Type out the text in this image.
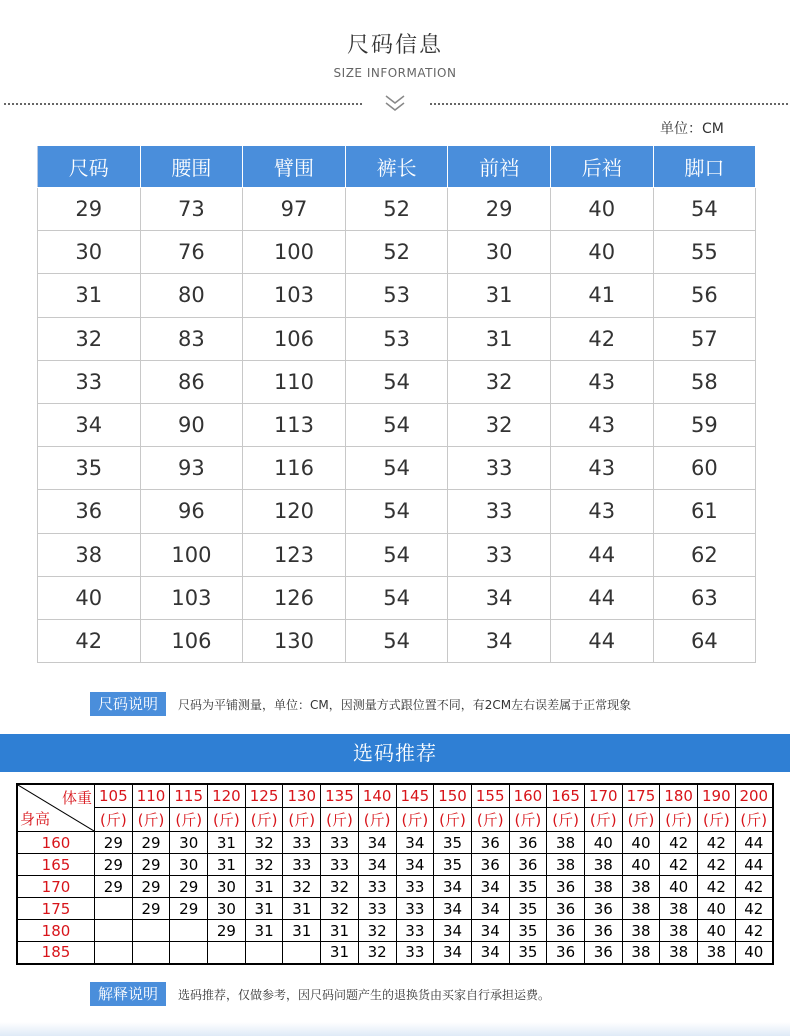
尺码信息
SIZE INFORMATION
单位：CM
尺码	腰围	臂围	裤长	前裆	后裆	脚口
29	73	97	52	29	40	54
30	76	100	52	30	40	55
31	80	103	53	31	41	56
32	83	106	53	31	42	57
33	86	110	54	32	43	58
34	90	113	54	32	43	59
35	93	116	54	33	43	60
36	96	120	54	33	43	61
38	100	123	54	33	44	62
40	103	126	54	34	44	63
42	106	130	54	34	44	64
尺码说明	尺码为平铺测量，单位：CM，因测量方式跟位置不同，有2CM左右误差属于正常现象
选码推荐
体重
身高	105	110	115	120	125	130	135	140	145	150	155	160	165	170	175	180	190	200
	(斤)	(斤)	(斤)	(斤)	(斤)	(斤)	(斤)	(斤)	(斤)	(斤)	(斤)	(斤)	(斤)	(斤)	(斤)	(斤)	(斤)	(斤)
160	29	29	30	31	32	33	33	34	34	35	36	36	38	40	40	42	42	44
165	29	29	30	31	32	33	33	34	34	35	36	36	38	38	40	42	42	44
170	29	29	29	30	31	32	32	33	33	34	34	35	36	38	38	40	42	42
175		29	29	30	31	31	32	33	33	34	34	35	36	36	38	38	40	42
180				29	31	31	31	32	33	34	34	35	36	36	38	38	40	42
185							31	32	33	34	34	35	36	36	38	38	38	40
解释说明	选码推荐，仅做参考，因尺码问题产生的退换货由买家自行承担运费。
